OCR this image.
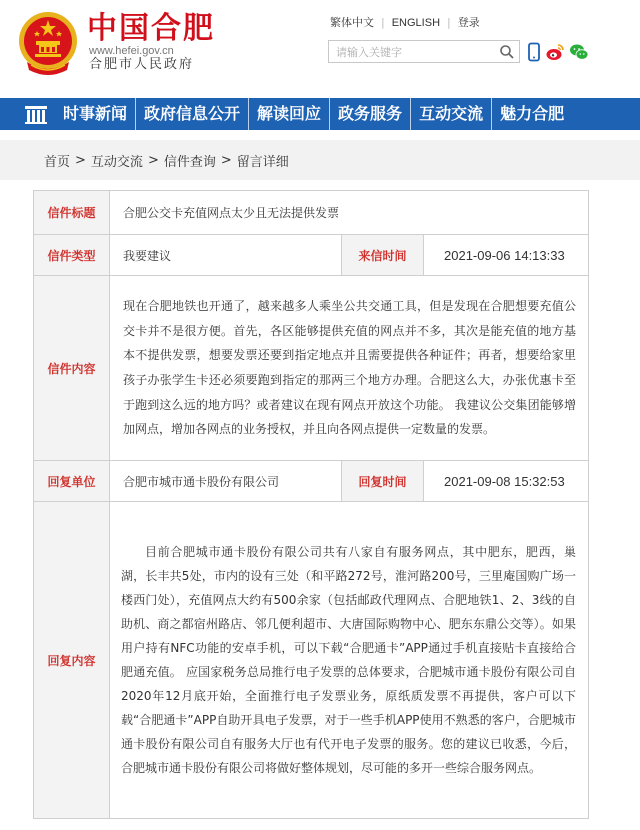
中国合肥
www.hefei.gov.cn
合肥市人民政府
繁体中文 | ENGLISH | 登录
请输入关键字
时事新闻	政府信息公开	解读回应	政务服务	互动交流	魅力合肥
首页 > 互动交流 > 信件查询 > 留言详细
信件标题	合肥公交卡充值网点太少且无法提供发票		
信件类型	我要建议	来信时间	2021-09-06 14:13:33
信件内容	现在合肥地铁也开通了，越来越多人乘坐公共交通工具，但是发现在合肥想要充值公交卡并不是很方便。首先，各区能够提供充值的网点并不多，其次是能充值的地方基本不提供发票，想要发票还要到指定地点并且需要提供各种证件；再者，想要给家里孩子办张学生卡还必须要跑到指定的那两三个地方办理。合肥这么大，办张优惠卡至于跑到这么远的地方吗？或者建议在现有网点开放这个功能。 我建议公交集团能够增加网点，增加各网点的业务授权，并且向各网点提供一定数量的发票。		

回复单位	合肥市城市通卡股份有限公司	回复时间	2021-09-08 15:32:53
回复内容	目前合肥城市通卡股份有限公司共有八家自有服务网点，其中肥东，肥西，巢湖，长丰共5处，市内的设有三处（和平路272号，淮河路200号，三里庵国购广场一楼西门处），充值网点大约有500余家（包括邮政代理网点、合肥地铁1、2、3线的自助机、商之都宿州路店、邻几便利超市、大唐国际购物中心、肥东东鼎公交等）。如果用户持有NFC功能的安卓手机，可以下载“合肥通卡”APP通过手机直接贴卡直接给合肥通充值。 应国家税务总局推行电子发票的总体要求，合肥城市通卡股份有限公司自2020年12月底开始，全面推行电子发票业务，原纸质发票不再提供，客户可以下载“合肥通卡”APP自助开具电子发票，对于一些手机APP使用不熟悉的客户，合肥城市通卡股份有限公司自有服务大厅也有代开电子发票的服务。您的建议已收悉，今后，合肥城市通卡股份有限公司将做好整体规划，尽可能的多开一些综合服务网点。		
